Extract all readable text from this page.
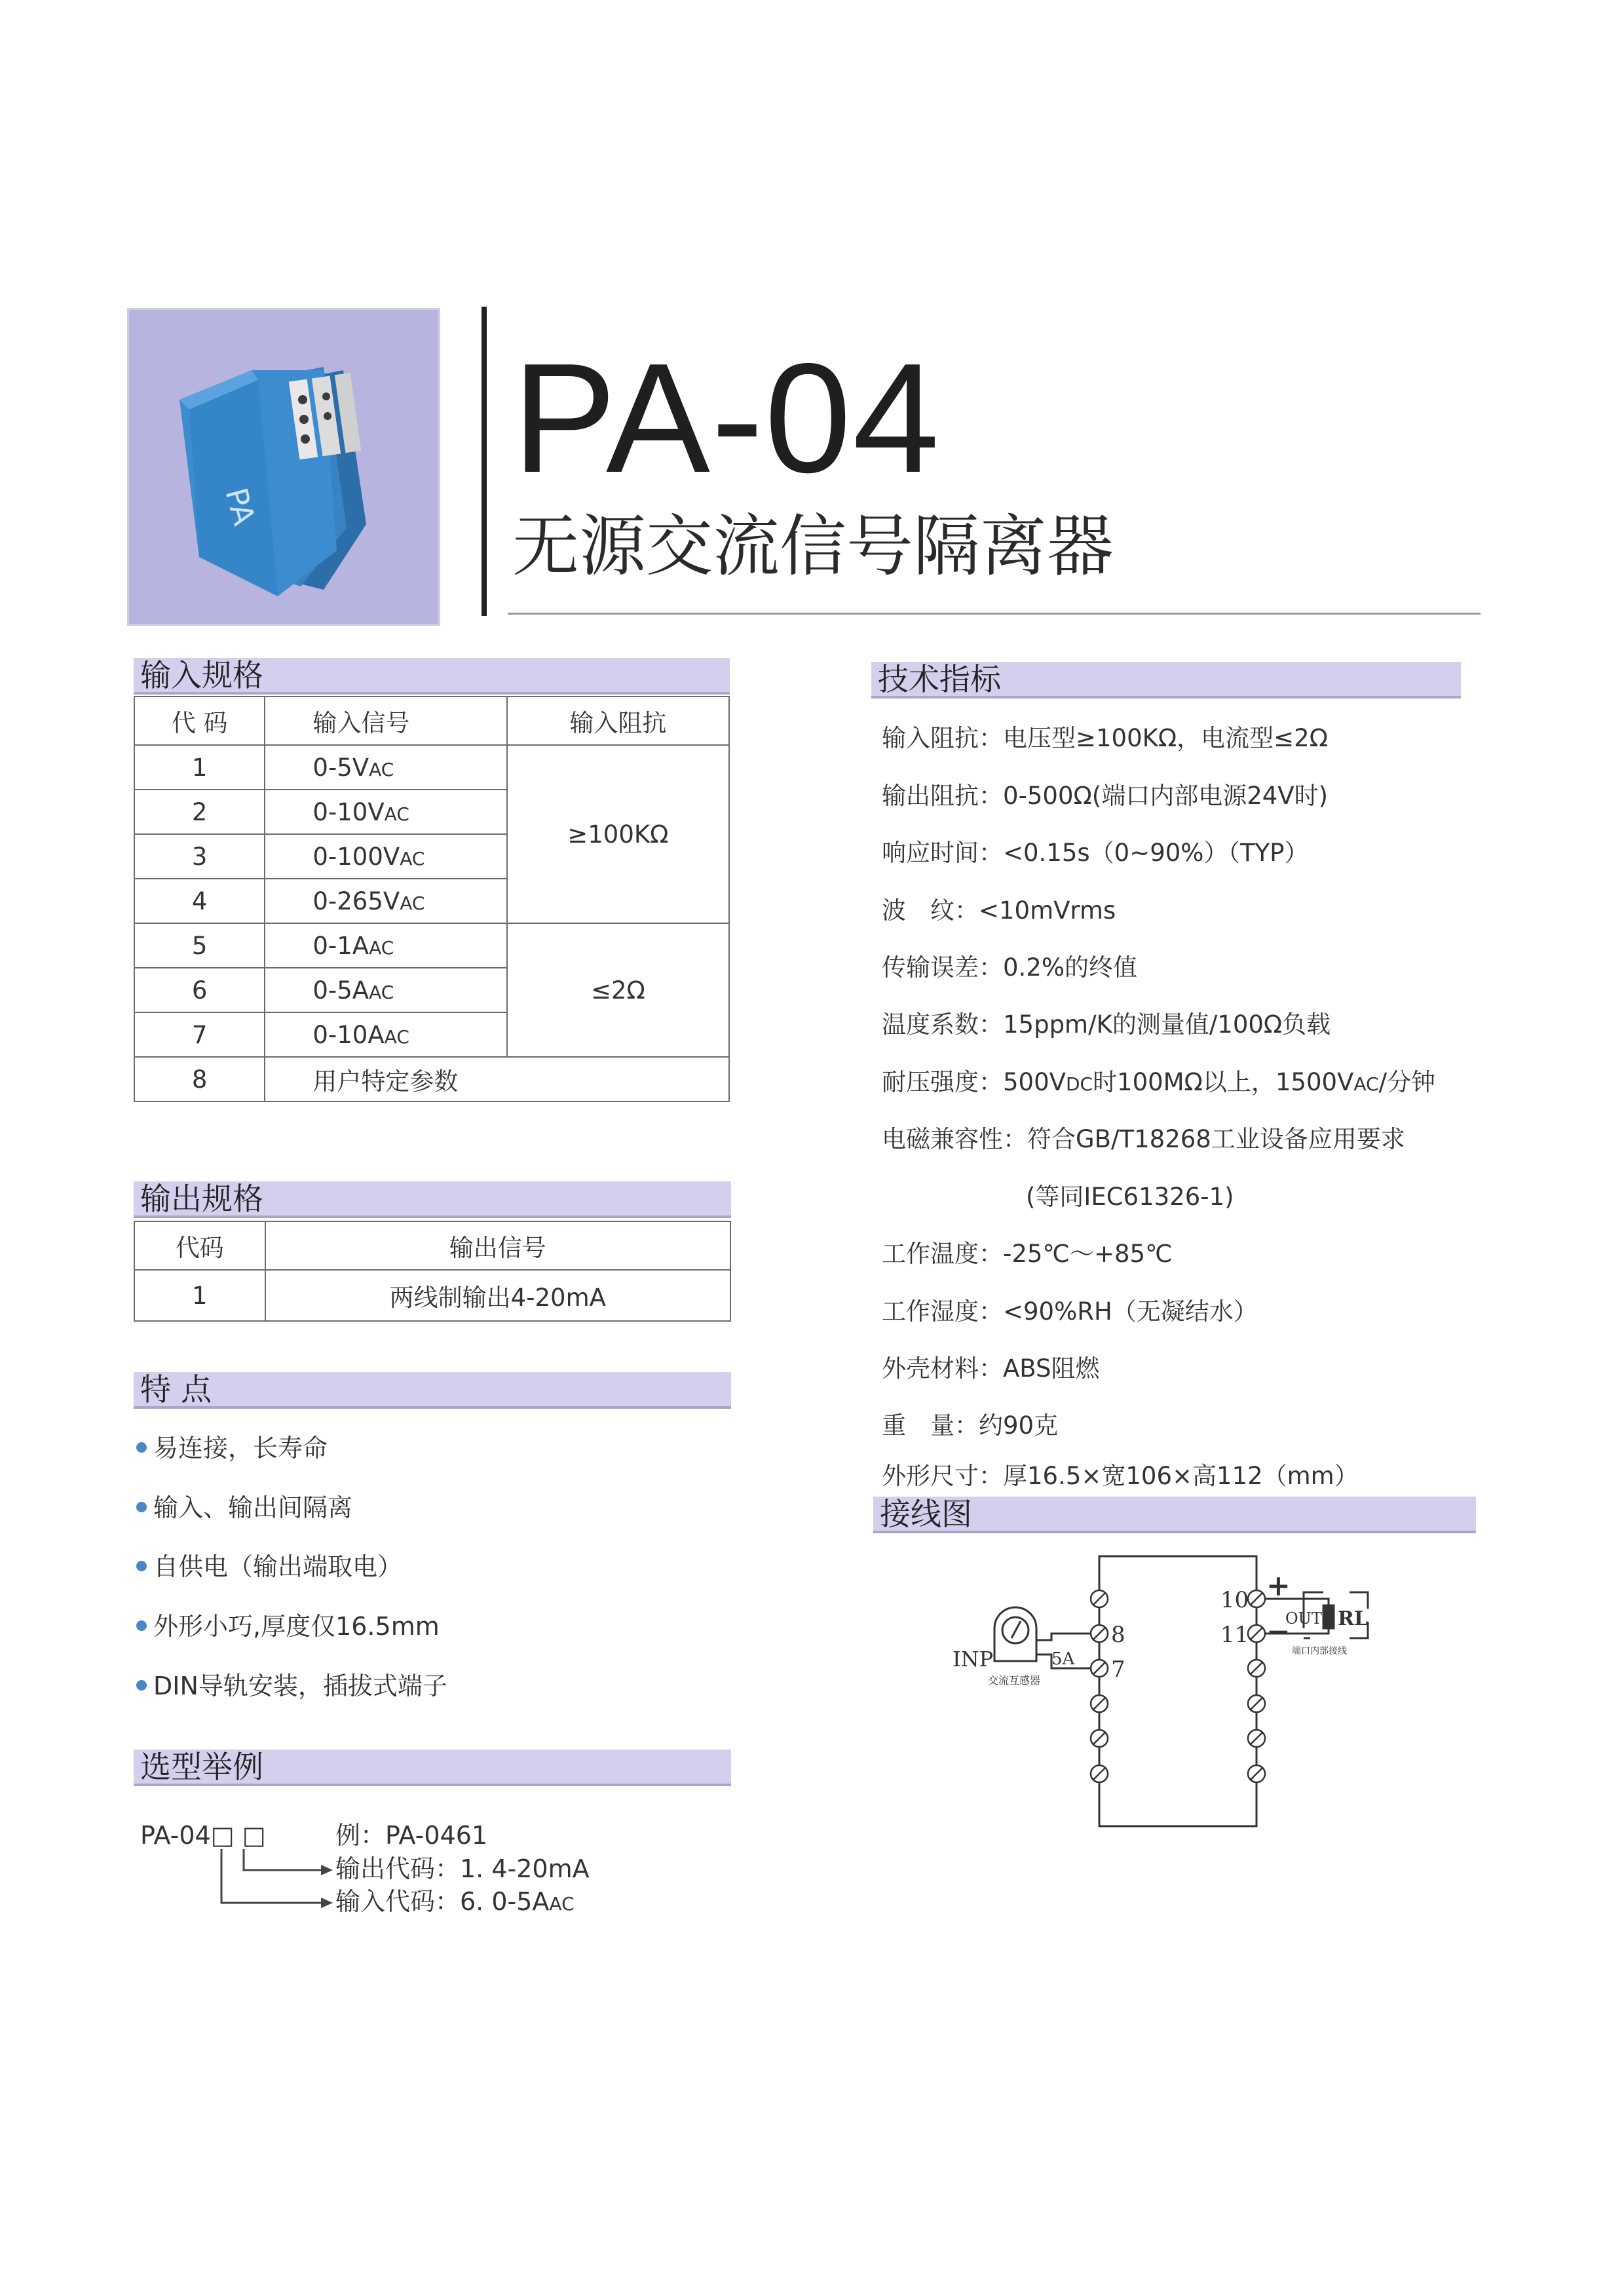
PA
PA-04
无源交流信号隔离器
输入规格
代 码	输入信号	输入阻抗
1	0-5VAC	≥100KΩ
2	0-10VAC	
3	0-100VAC	
4	0-265VAC	
5	0-1AAC	≤2Ω
6	0-5AAC	
7	0-10AAC	
8	用户特定参数	
输出规格
代码	输出信号
1	两线制输出4-20mA
特 点
易连接，长寿命
输入、输出间隔离
自供电（输出端取电）
外形小巧,厚度仅16.5mm
DIN导轨安装，插拔式端子
选型举例
PA-04□ □	例：PA-0461
输出代码：1. 4-20mA
输入代码：6. 0-5AAC
技术指标
输入阻抗：电压型≥100KΩ，电流型≤2Ω
输出阻抗：0-500Ω(端口内部电源24V时)
响应时间：<0.15s（0~90%）（TYP）
波　纹：<10mVrms
传输误差：0.2%的终值
温度系数：15ppm/K的测量值/100Ω负载
耐压强度：500VDC时100MΩ以上，1500VAC/分钟
电磁兼容性：符合GB/T18268工业设备应用要求
(等同IEC61326-1)
工作温度：-25℃～+85℃
工作湿度：<90%RH（无凝结水）
外壳材料：ABS阻燃
重　量：约90克
外形尺寸：厚16.5×宽106×高112（mm）
接线图
INP	5A
交流互感器
8
7
10
11
+
−
OUT1 RL
端口内部接线
